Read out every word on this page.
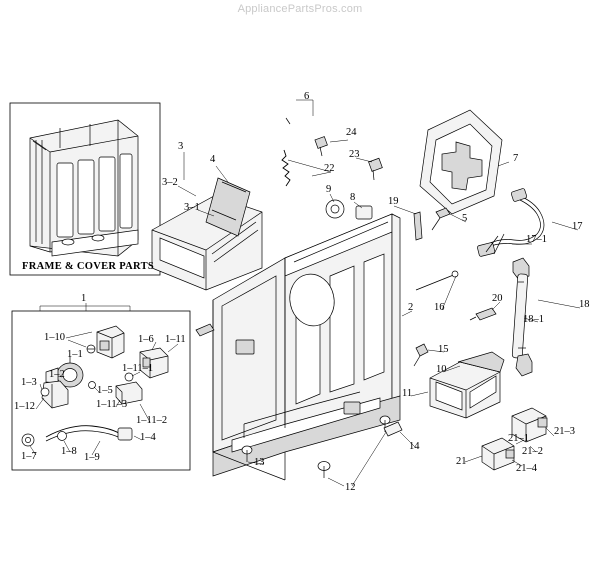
AppliancePartsPros.com
1
2
3
4
5
6
7
8
9
10
11
12
13
14
15
16
17
17–1
18
18–1
19
20
21
21–1
21–2
21–3
21–4
22
23
24
3–1
3–2
1–1
1–2
1–3
1–4
1–5
1–6
1–7 1–8
1–9
1–10	1–11
1–11–1
1–11–2
1–11–3
1–12
FRAME & COVER PARTS
